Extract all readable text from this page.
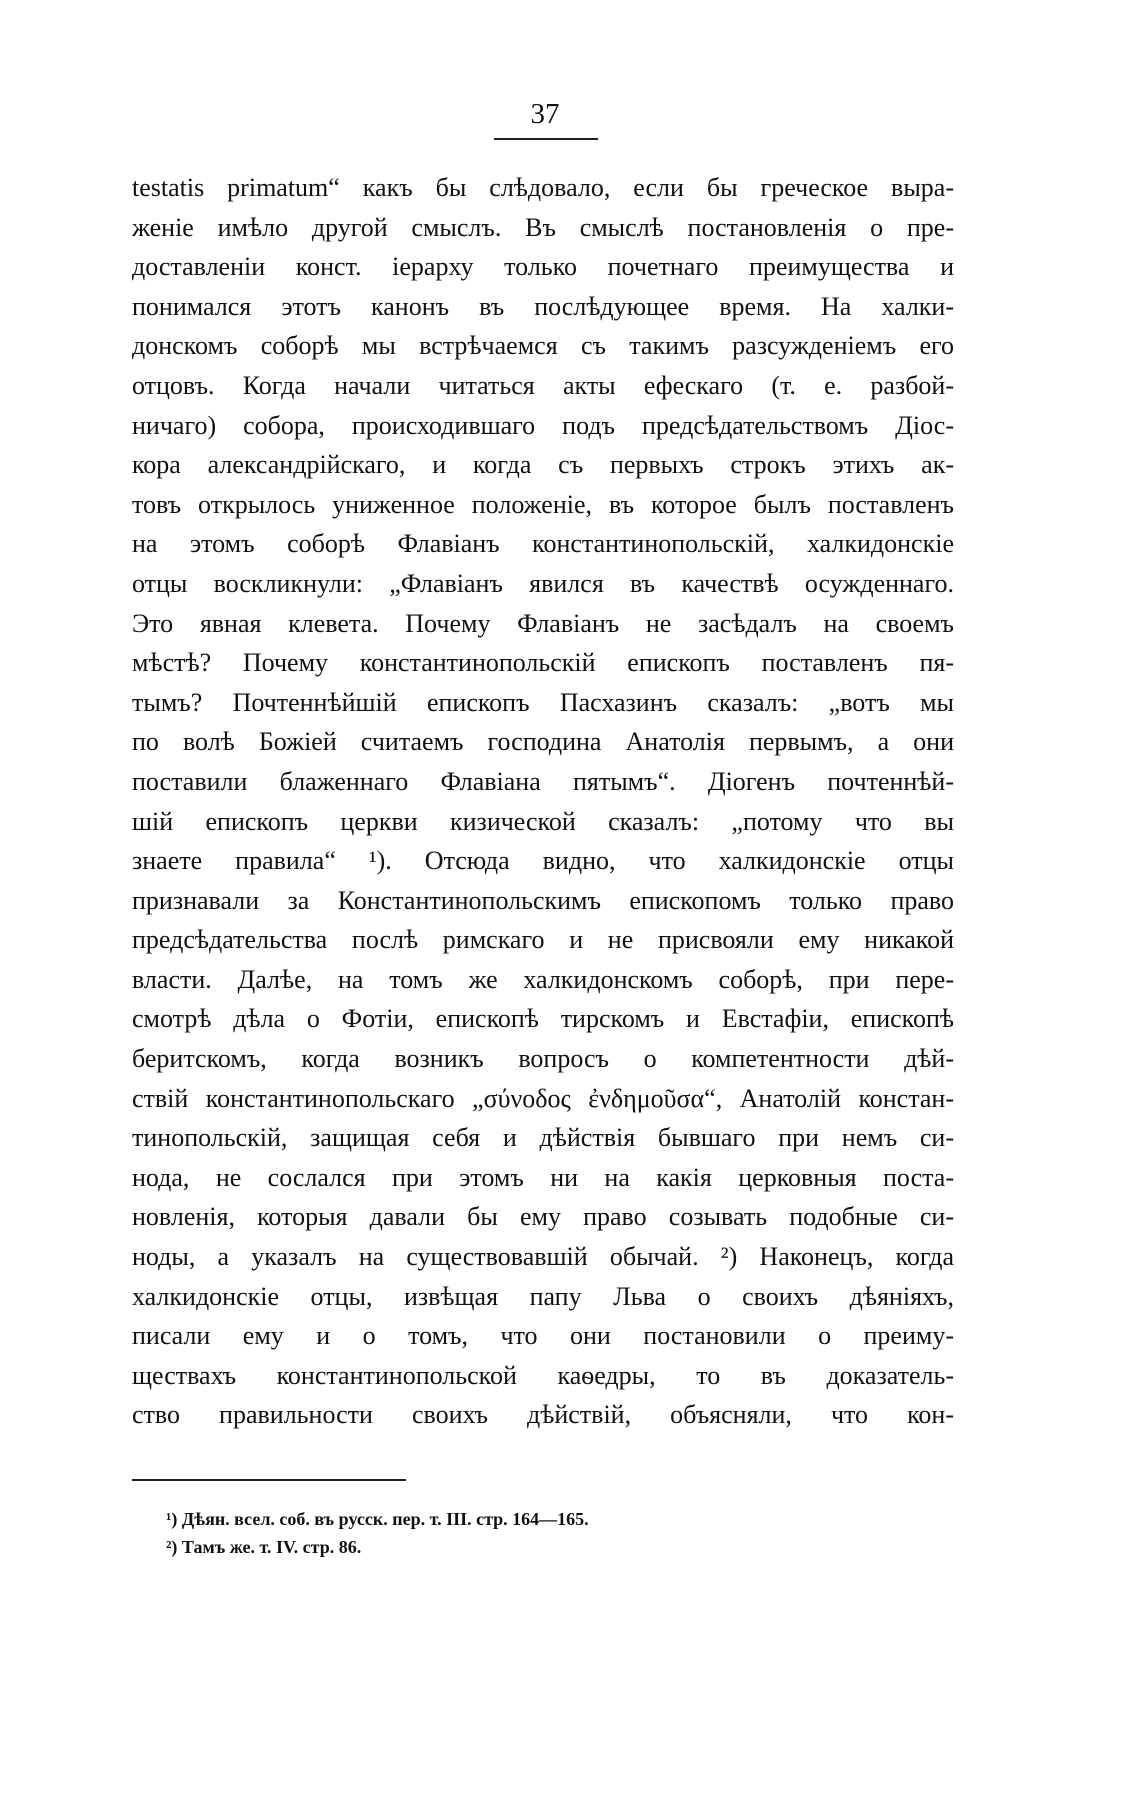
37
testatis primatum“ какъ бы слѣдовало, если бы греческое выра-
женіе имѣло другой смыслъ. Въ смыслѣ постановленія о пре-
доставленіи конст. іерарху только почетнаго преимущества и
понимался этотъ канонъ въ послѣдующее время. На халки-
донскомъ соборѣ мы встрѣчаемся съ такимъ разсужденіемъ его
отцовъ. Когда начали читаться акты ефескаго (т. е. разбой-
ничаго) собора, происходившаго подъ предсѣдательствомъ Діос-
кора александрійскаго, и когда съ первыхъ строкъ этихъ ак-
товъ открылось униженное положеніе, въ которое былъ поставленъ
на этомъ соборѣ Флавіанъ константинопольскій, халкидонскіе
отцы воскликнули: „Флавіанъ явился въ качествѣ осужденнаго.
Это явная клевета. Почему Флавіанъ не засѣдалъ на своемъ
мѣстѣ? Почему константинопольскій епископъ поставленъ пя-
тымъ? Почтеннѣйшій епископъ Пасхазинъ сказалъ: „вотъ мы
по волѣ Божіей считаемъ господина Анатолія первымъ, а они
поставили блаженнаго Флавіана пятымъ“. Діогенъ почтеннѣй-
шій епископъ церкви кизической сказалъ: „потому что вы
знаете правила“ ¹). Отсюда видно, что халкидонскіе отцы
признавали за Константинопольскимъ епископомъ только право
предсѣдательства послѣ римскаго и не присвояли ему никакой
власти. Далѣе, на томъ же халкидонскомъ соборѣ, при пере-
смотрѣ дѣла о Фотіи, епископѣ тирскомъ и Евстафіи, епископѣ
беритскомъ, когда возникъ вопросъ о компетентности дѣй-
ствій константинопольскаго „σύνοδος ἐνδημοῦσα“, Анатолій констан-
тинопольскій, защищая себя и дѣйствія бывшаго при немъ си-
нода, не сослался при этомъ ни на какія церковныя поста-
новленія, которыя давали бы ему право созывать подобные си-
ноды, а указалъ на существовавшій обычай. ²) Наконецъ, когда
халкидонскіе отцы, извѣщая папу Льва о своихъ дѣяніяхъ,
писали ему и о томъ, что они постановили о преиму-
ществахъ константинопольской каѳедры, то въ доказатель-
ство правильности своихъ дѣйствій, объясняли, что кон-
¹) Дѣян. всел. соб. въ русск. пер. т. III. стр. 164—165.
²) Тамъ же. т. IV. стр. 86.
